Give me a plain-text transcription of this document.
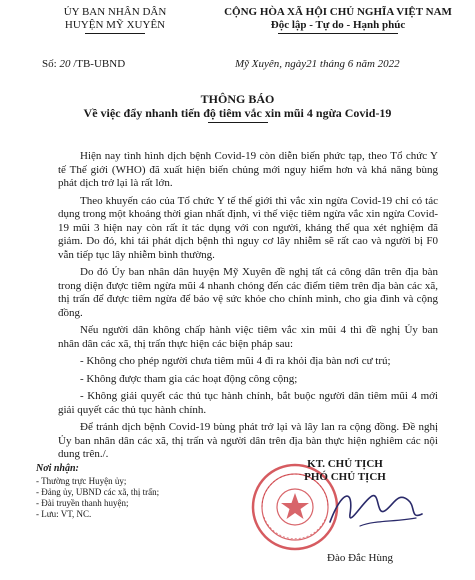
ỦY BAN NHÂN DÂN
HUYỆN MỸ XUYÊN
CỘNG HÒA XÃ HỘI CHỦ NGHĨA VIỆT NAM
Độc lập - Tự do - Hạnh phúc
Số: 20 /TB-UBND	Mỹ Xuyên, ngày21 tháng 6 năm 2022
THÔNG BÁO
Về việc đẩy nhanh tiến độ tiêm vắc xin mũi 4 ngừa Covid-19

Hiện nay tình hình dịch bệnh Covid-19 còn diễn biến phức tạp, theo Tổ chức Y tế Thế giới (WHO) đã xuất hiện biến chủng mới nguy hiểm hơn và khả năng bùng phát dịch trở lại là rất lớn.

Theo khuyến cáo của Tổ chức Y tế thế giới thì vắc xin ngừa Covid-19 chỉ có tác dụng trong một khoảng thời gian nhất định, vì thế việc tiêm ngừa vắc xin ngừa Covid-19 mũi 3 hiện nay còn rất ít tác dụng với con người, kháng thể qua xét nghiệm đã giảm. Do đó, khi tái phát dịch bệnh thì nguy cơ lây nhiễm sẽ rất cao và người bị F0 vẫn tiếp tục lây nhiễm bình thường.

Do đó Ủy ban nhân dân huyện Mỹ Xuyên đề nghị tất cả công dân trên địa bàn trong diện được tiêm ngừa mũi 4 nhanh chóng đến các điểm tiêm trên địa bàn các xã, thị trấn để được tiêm ngừa để bảo vệ sức khỏe cho chính mình, cho gia đình và cộng đồng.

Nếu người dân không chấp hành việc tiêm vắc xin mũi 4 thì đề nghị Ủy ban nhân dân các xã, thị trấn thực hiện các biện pháp sau:

- Không cho phép người chưa tiêm mũi 4 đi ra khỏi địa bàn nơi cư trú;

- Không được tham gia các hoạt động công cộng;

- Không giải quyết các thủ tục hành chính, bắt buộc người dân tiêm mũi 4 mới giải quyết các thủ tục hành chính.

Để tránh dịch bệnh Covid-19 bùng phát trở lại và lây lan ra cộng đồng. Đề nghị Ủy ban nhân dân các xã, thị trấn và người dân trên địa bàn thực hiện nghiêm các nội dung trên./.

Nơi nhận:
- Thường trực Huyện ủy;
- Đảng ủy, UBND các xã, thị trấn;
- Đài truyền thanh huyện;
- Lưu: VT, NC.
KT. CHỦ TỊCH
PHÓ CHỦ TỊCH
Đào Đắc Hùng
